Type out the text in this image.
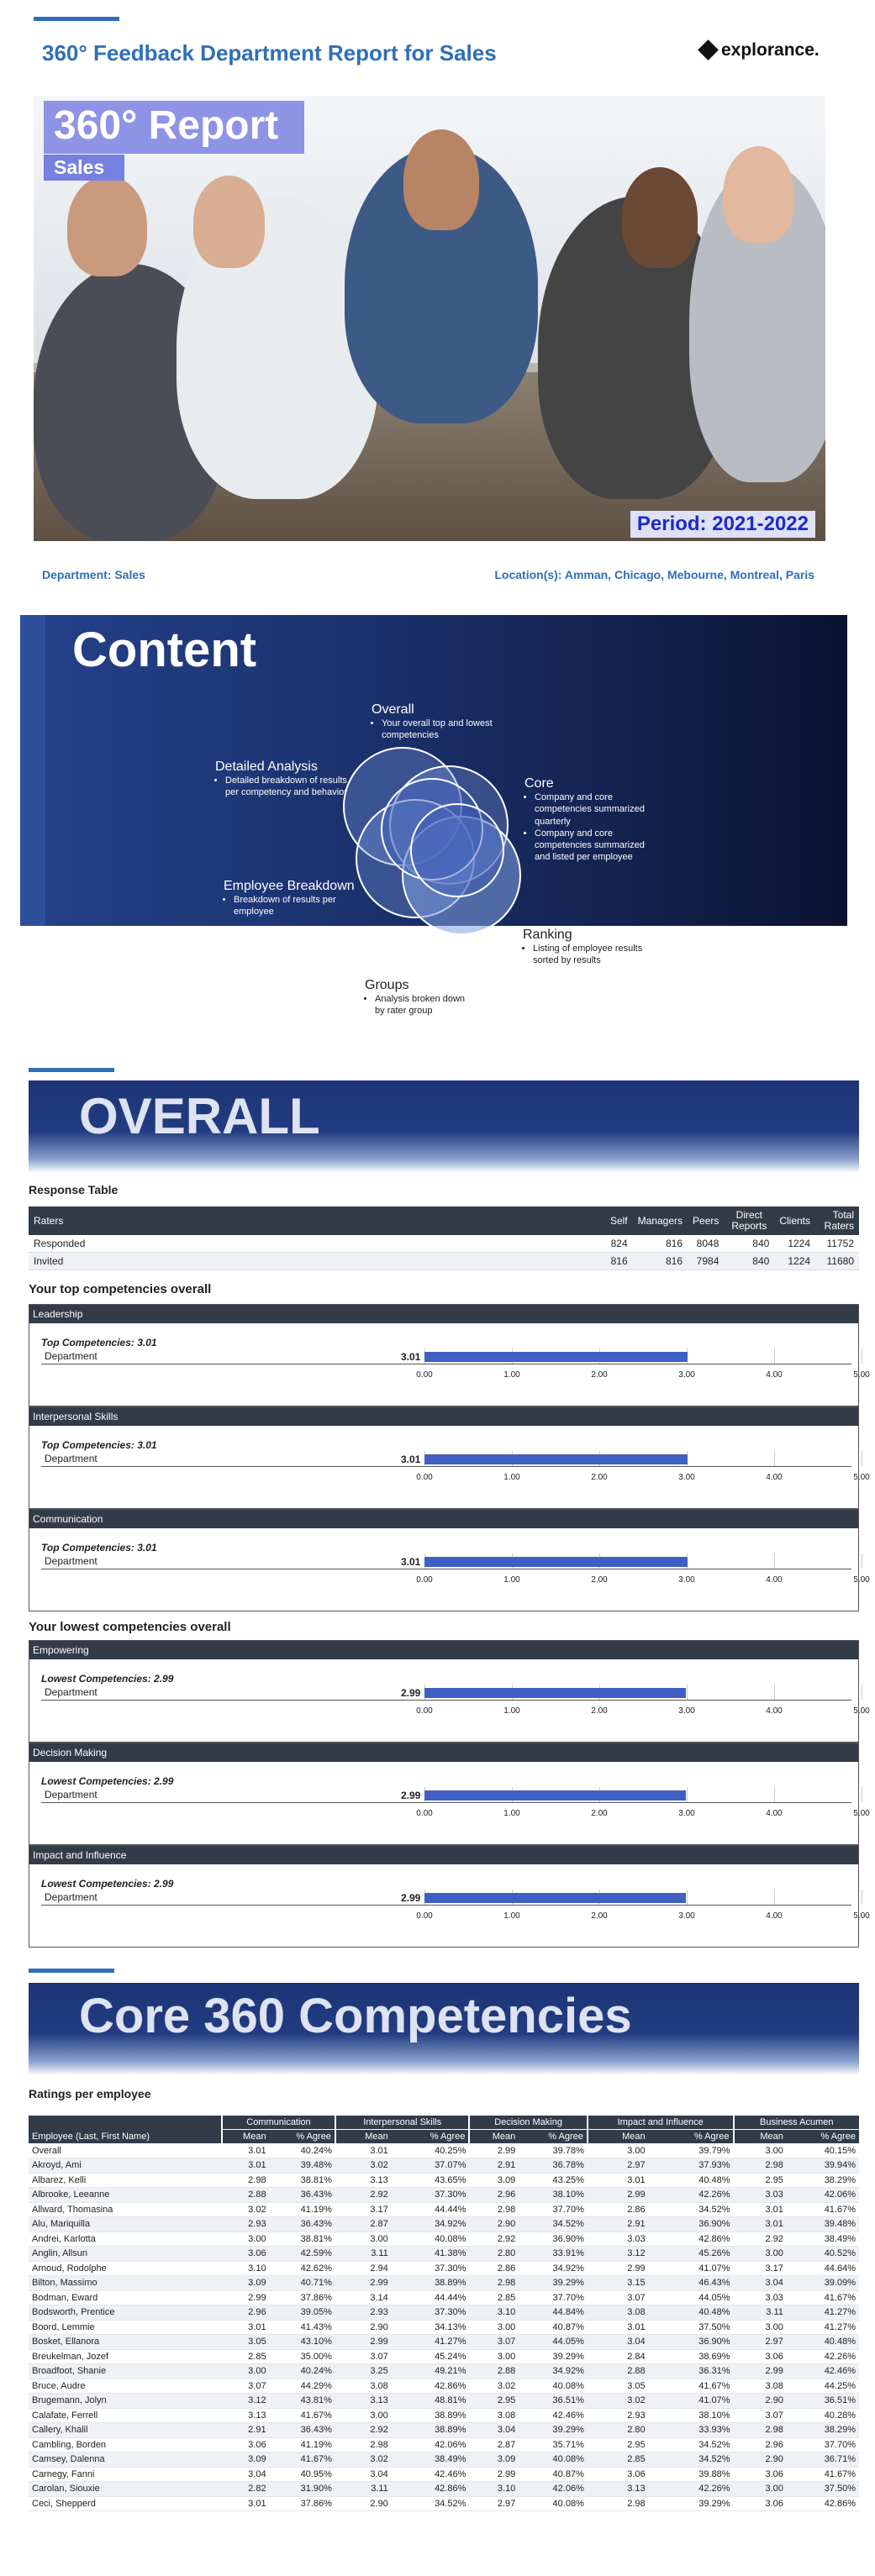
360° Feedback Department Report for Sales	explorance.
360° Report
Sales
Period: 2021-2022
Department: Sales	Location(s): Amman, Chicago, Mebourne, Montreal, Paris
Content
Overall
• Your overall top and lowest competencies
Detailed Analysis
• Detailed breakdown of results per competency and behavior
Core
• Company and core competencies summarized quarterly
• Company and core competencies summarized and listed per employee
Employee Breakdown
• Breakdown of results per employee
Ranking
• Listing of employee results sorted by results
Groups
• Analysis broken down by rater group
OVERALL
Response Table
Raters	Self	Managers	Peers	Direct Reports	Clients	Total Raters
Responded	824	816	8048	840	1224	11752
Invited	816	816	7984	840	1224	11680
Your top competencies overall
Your lowest competencies overall
Leadership
Top Competencies: 3.01
Department
0.00	1.00	2.00	3.00	4.00	5.00
3.01
Interpersonal Skills
Top Competencies: 3.01
Department
0.00	1.00	2.00	3.00	4.00	5.00
3.01
Communication
Top Competencies: 3.01
Department
0.00	1.00	2.00	3.00	4.00	5.00
3.01
Empowering
Lowest Competencies: 2.99
Department
0.00	1.00	2.00	3.00	4.00	5.00
2.99
Decision Making
Lowest Competencies: 2.99
Department
0.00	1.00	2.00	3.00	4.00	5.00
2.99
Impact and Influence
Lowest Competencies: 2.99
Department
0.00	1.00	2.00	3.00	4.00	5.00
2.99
Core 360 Competencies
Ratings per employee
	Communication		Interpersonal Skills		Decision Making		Impact and Influence		Business Acumen	
Employee (Last, First Name)	Mean	% Agree	Mean	% Agree	Mean	% Agree	Mean	% Agree	Mean	% Agree
Overall	3.01	40.24%	3.01	40.25%	2.99	39.78%	3.00	39.79%	3.00	40.15%
Akroyd, Ami	3.01	39.48%	3.02	37.07%	2.91	36.78%	2.97	37.93%	2.98	39.94%
Albarez, Kelli	2.98	38.81%	3.13	43.65%	3.09	43.25%	3.01	40.48%	2.95	38.29%
Albrooke, Leeanne	2.88	36.43%	2.92	37.30%	2.96	38.10%	2.99	42.26%	3.03	42.06%
Allward, Thomasina	3.02	41.19%	3.17	44.44%	2.98	37.70%	2.86	34.52%	3.01	41.67%
Alu, Mariquilla	2.93	36.43%	2.87	34.92%	2.90	34.52%	2.91	36.90%	3.01	39.48%
Andrei, Karlotta	3.00	38.81%	3.00	40.08%	2.92	36.90%	3.03	42.86%	2.92	38.49%
Anglin, Allsun	3.06	42.59%	3.11	41.38%	2.80	33.91%	3.12	45.26%	3.00	40.52%
Arnoud, Rodolphe	3.10	42.62%	2.94	37.30%	2.86	34.92%	2.99	41.07%	3.17	44.64%
Bilton, Massimo	3.09	40.71%	2.99	38.89%	2.98	39.29%	3.15	46.43%	3.04	39.09%
Bodman, Eward	2.99	37.86%	3.14	44.44%	2.85	37.70%	3.07	44.05%	3.03	41.67%
Bodsworth, Prentice	2.96	39.05%	2.93	37.30%	3.10	44.84%	3.08	40.48%	3.11	41.27%
Boord, Lemmie	3.01	41.43%	2.90	34.13%	3.00	40.87%	3.01	37.50%	3.00	41.27%
Bosket, Ellanora	3.05	43.10%	2.99	41.27%	3.07	44.05%	3.04	36.90%	2.97	40.48%
Breukelman, Jozef	2.85	35.00%	3.07	45.24%	3.00	39.29%	2.84	38.69%	3.06	42.26%
Broadfoot, Shanie	3.00	40.24%	3.25	49.21%	2.88	34.92%	2.88	36.31%	2.99	42.46%
Bruce, Audre	3.07	44.29%	3.08	42.86%	3.02	40.08%	3.05	41.67%	3.08	44.25%
Brugemann, Jolyn	3.12	43.81%	3.13	48.81%	2.95	36.51%	3.02	41.07%	2.90	36.51%
Calafate, Ferrell	3.13	41.67%	3.00	38.89%	3.08	42.46%	2.93	38.10%	3.07	40.28%
Callery, Khalil	2.91	36.43%	2.92	38.89%	3.04	39.29%	2.80	33.93%	2.98	38.29%
Cambling, Borden	3.06	41.19%	2.98	42.06%	2.87	35.71%	2.95	34.52%	2.96	37.70%
Camsey, Dalenna	3.09	41.67%	3.02	38.49%	3.09	40.08%	2.85	34.52%	2.90	36.71%
Carnegy, Fanni	3.04	40.95%	3.04	42.46%	2.99	40.87%	3.06	39.88%	3.06	41.67%
Carolan, Siouxie	2.82	31.90%	3.11	42.86%	3.10	42.06%	3.13	42.26%	3.00	37.50%
Ceci, Shepperd	3.01	37.86%	2.90	34.52%	2.97	40.08%	2.98	39.29%	3.06	42.86%
